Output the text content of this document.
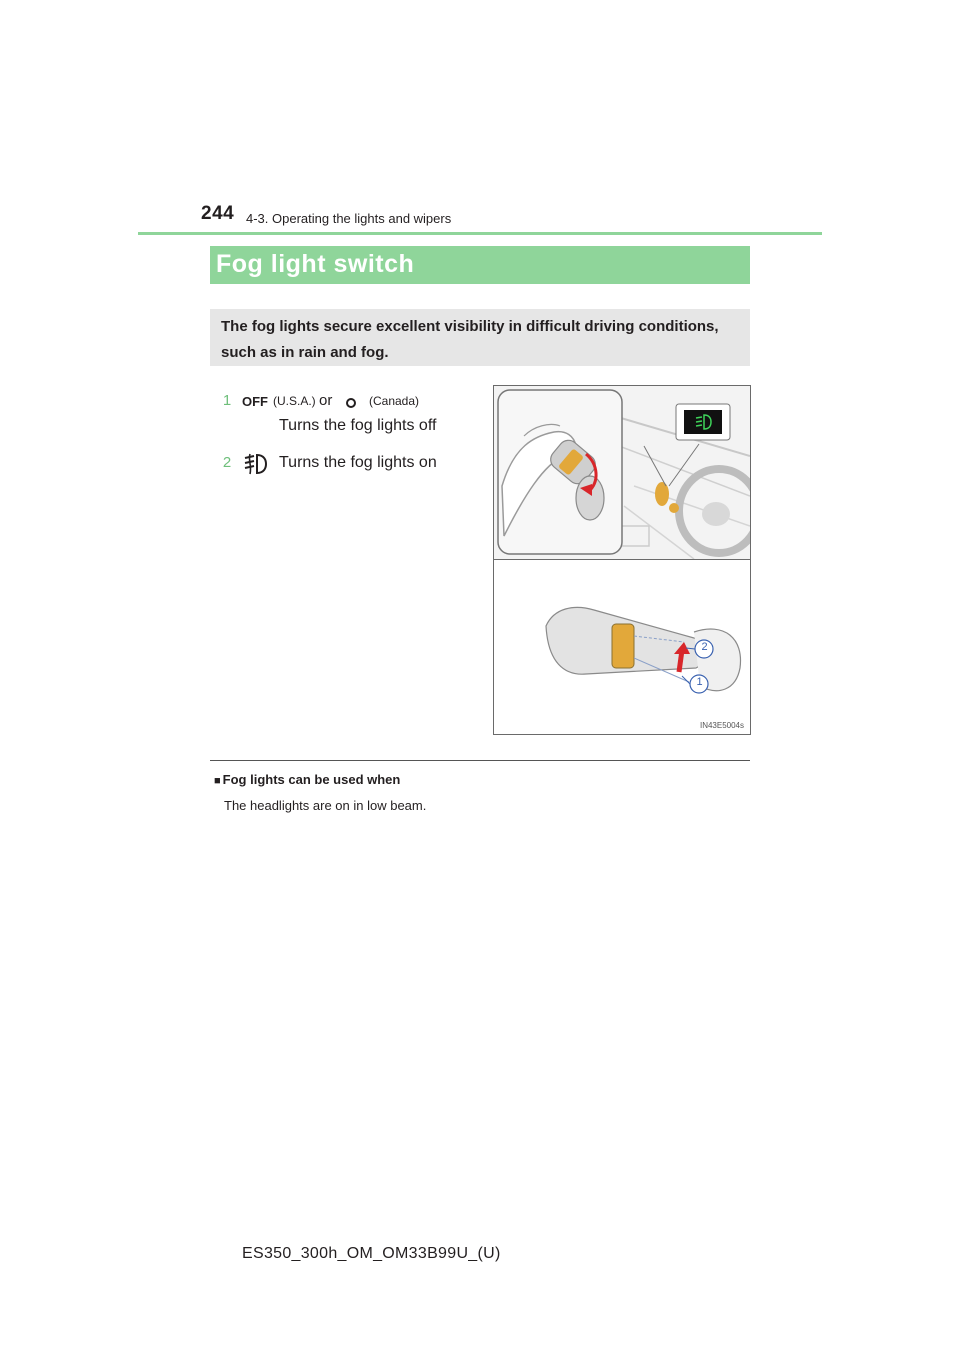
244 4-3. Operating the lights and wipers
Fog light switch
The fog lights secure excellent visibility in difficult driving conditions, such as in rain and fog.
1 OFF (U.S.A.) or	(Canada)
Turns the fog lights off
2	Turns the fog lights on
2
1
IN43E5004s
■ Fog lights can be used when
The headlights are on in low beam.
ES350_300h_OM_OM33B99U_(U)
